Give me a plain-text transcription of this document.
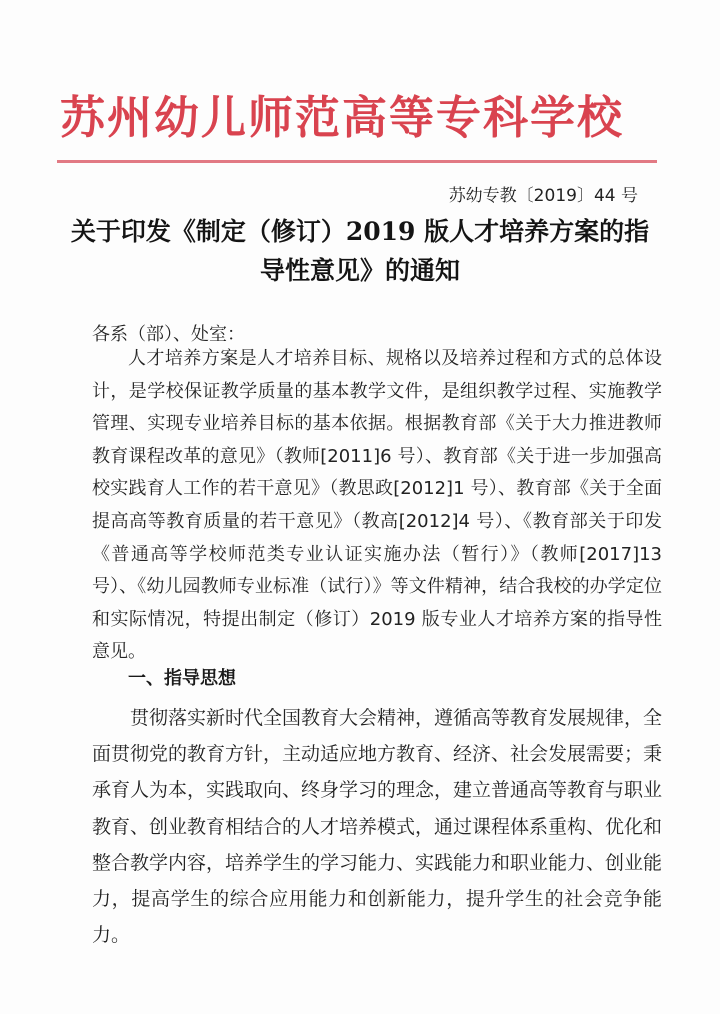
苏州幼儿师范高等专科学校
苏幼专教〔2019〕44 号
关于印发《制定（修订）2019 版人才培养方案的指导性意见》的通知
各系（部）、处室：

人才培养方案是人才培养目标、规格以及培养过程和方式的总体设计，是学校保证教学质量的基本教学文件，是组织教学过程、实施教学管理、实现专业培养目标的基本依据。根据教育部《关于大力推进教师教育课程改革的意见》（教师[2011]6 号）、教育部《关于进一步加强高校实践育人工作的若干意见》（教思政[2012]1 号）、教育部《关于全面提高高等教育质量的若干意见》（教高[2012]4 号）、《教育部关于印发《普通高等学校师范类专业认证实施办法（暂行）》（教师[2017]13 号）、《幼儿园教师专业标准（试行）》等文件精神，结合我校的办学定位和实际情况，特提出制定（修订）2019 版专业人才培养方案的指导性意见。

一、指导思想

贯彻落实新时代全国教育大会精神，遵循高等教育发展规律，全面贯彻党的教育方针，主动适应地方教育、经济、社会发展需要；秉承育人为本，实践取向、终身学习的理念，建立普通高等教育与职业教育、创业教育相结合的人才培养模式，通过课程体系重构、优化和整合教学内容，培养学生的学习能力、实践能力和职业能力、创业能力，提高学生的综合应用能力和创新能力，提升学生的社会竞争能力。
